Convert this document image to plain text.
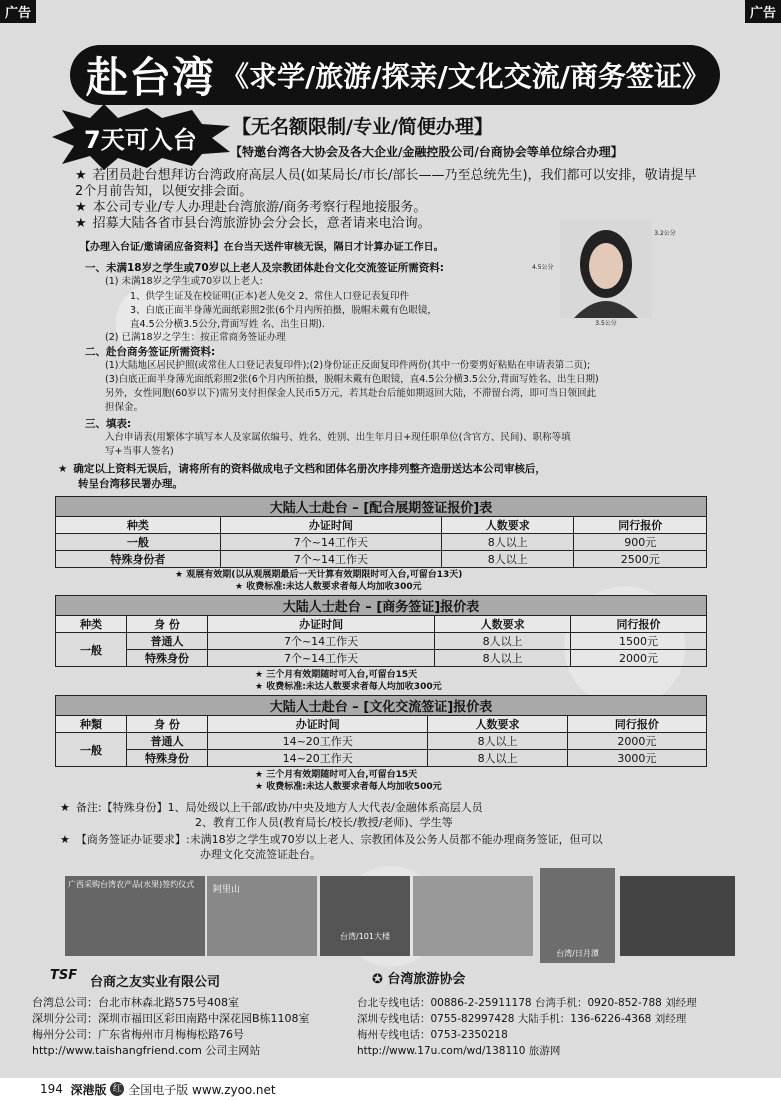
广告	广告
赴台湾 《求学/旅游/探亲/文化交流/商务签证》
7天可入台 【无名额限制/专业/简便办理】
【特邀台湾各大协会及各大企业/金融控股公司/台商协会等单位综合办理】
★ 若团员赴台想拜访台湾政府高层人员(如某局长/市长/部长——乃至总统先生)，我们都可以安排，敬请提早 2个月前告知，以便安排会面。
★ 本公司专业/专人办理赴台湾旅游/商务考察行程地接服务。
★ 招募大陆各省市县台湾旅游协会分会长，意者请来电洽询。
【办理入台证/邀请函应备资料】在台当天送件审核无误，隔日才计算办证工作日。
一、未满18岁之学生或70岁以上老人及宗教团体赴台文化交流签证所需资料:
(1) 未满18岁之学生或70岁以上老人:
1、供学生证及在校证明(正本)老人免交 2、常住人口登记表复印件
3、白底正面半身薄光面纸彩照2张(6个月内所拍摄，脱帽未戴有色眼镜，
直4.5公分横3.5公分,背面写姓 名、出生日期).
(2) 已满18岁之学生：按正常商务签证办理
4.5公分
3.5公分
3.2公分
二、赴台商务签证所需资料:
(1)大陆地区居民护照(或常住人口登记表复印件);(2)身份证正反面复印件两份(其中一份要剪好粘贴在申请表第二页);
(3)白底正面半身薄光面纸彩照2张(6个月内所拍摄，脱帽未戴有色眼镜，直4.5公分横3.5公分,背面写姓名、出生日期)
另外，女性同胞(60岁以下)需另支付担保金人民币5万元，若其赴台后能如期返回大陆，不滞留台湾，即可当日领回此
担保金。
三、填表:
入台申请表(用繁体字填写本人及家属依编号、姓名、姓别、出生年月日+现任职单位(含官方、民间)、职称等填
写+当事人签名)
★ 确定以上资料无误后，请将所有的资料做成电子文档和团体名册次序排列整齐造册送达本公司审核后，
转呈台湾移民署办理。
大陆人士赴台 – [配合展期签证报价]表			
种类	办证时间	人数要求	同行报价
一般	7个~14工作天	8人以上	900元
特殊身份者	7个~14工作天	8人以上	2500元
★ 观展有效期(以从观展期最后一天计算有效期限时可入台,可留台13天)
★ 收费标准:未达人数要求者每人均加收300元
大陆人士赴台 – [商务签证]报价表				
种类	身 份	办证时间	人数要求	同行报价
一般	普通人	7个~14工作天	8人以上	1500元
	特殊身份	7个~14工作天	8人以上	2000元
★ 三个月有效期随时可入台,可留台15天
★ 收费标准:未达人数要求者每人均加收300元
大陆人士赴台 – [文化交流签证]报价表				
种類	身 份	办证时间	人数要求	同行报价
一般	普通人	14~20工作天	8人以上	2000元
	特殊身份	14~20工作天	8人以上	3000元
★ 三个月有效期随时可入台,可留台15天
★ 收费标准:未达人数要求者每人均加收500元
★ 备注:【特殊身份】1、局处级以上干部/政协/中央及地方人大代表/金融体系高层人员
2、教育工作人员(教育局长/校长/教授/老师)、学生等
★ 【商务签证办证要求】:未满18岁之学生或70岁以上老人、宗教团体及公务人员都不能办理商务签证，但可以
办理文化交流签证赴台。
广西采购台湾农产品(水果)签约仪式
阿里山
台湾/101大楼
台湾/日月潭
TSF 台商之友实业有限公司	✪ 台湾旅游协会
台湾总公司：台北市林森北路575号408室
深圳分公司：深圳市福田区彩田南路中深花园B栋1108室
梅州分公司：广东省梅州市月梅梅松路76号
http://www.taishangfriend.com 公司主网站
台北专线电话：00886-2-25911178 台湾手机：0920-852-788 刘经理
深圳专线电话：0755-82997428 大陆手机：136-6226-4368 刘经理
梅州专线电话：0753-2350218
http://www.17u.com/wd/138110 旅游网
194
深港版
红
全国电子版 www.zyoo.net
